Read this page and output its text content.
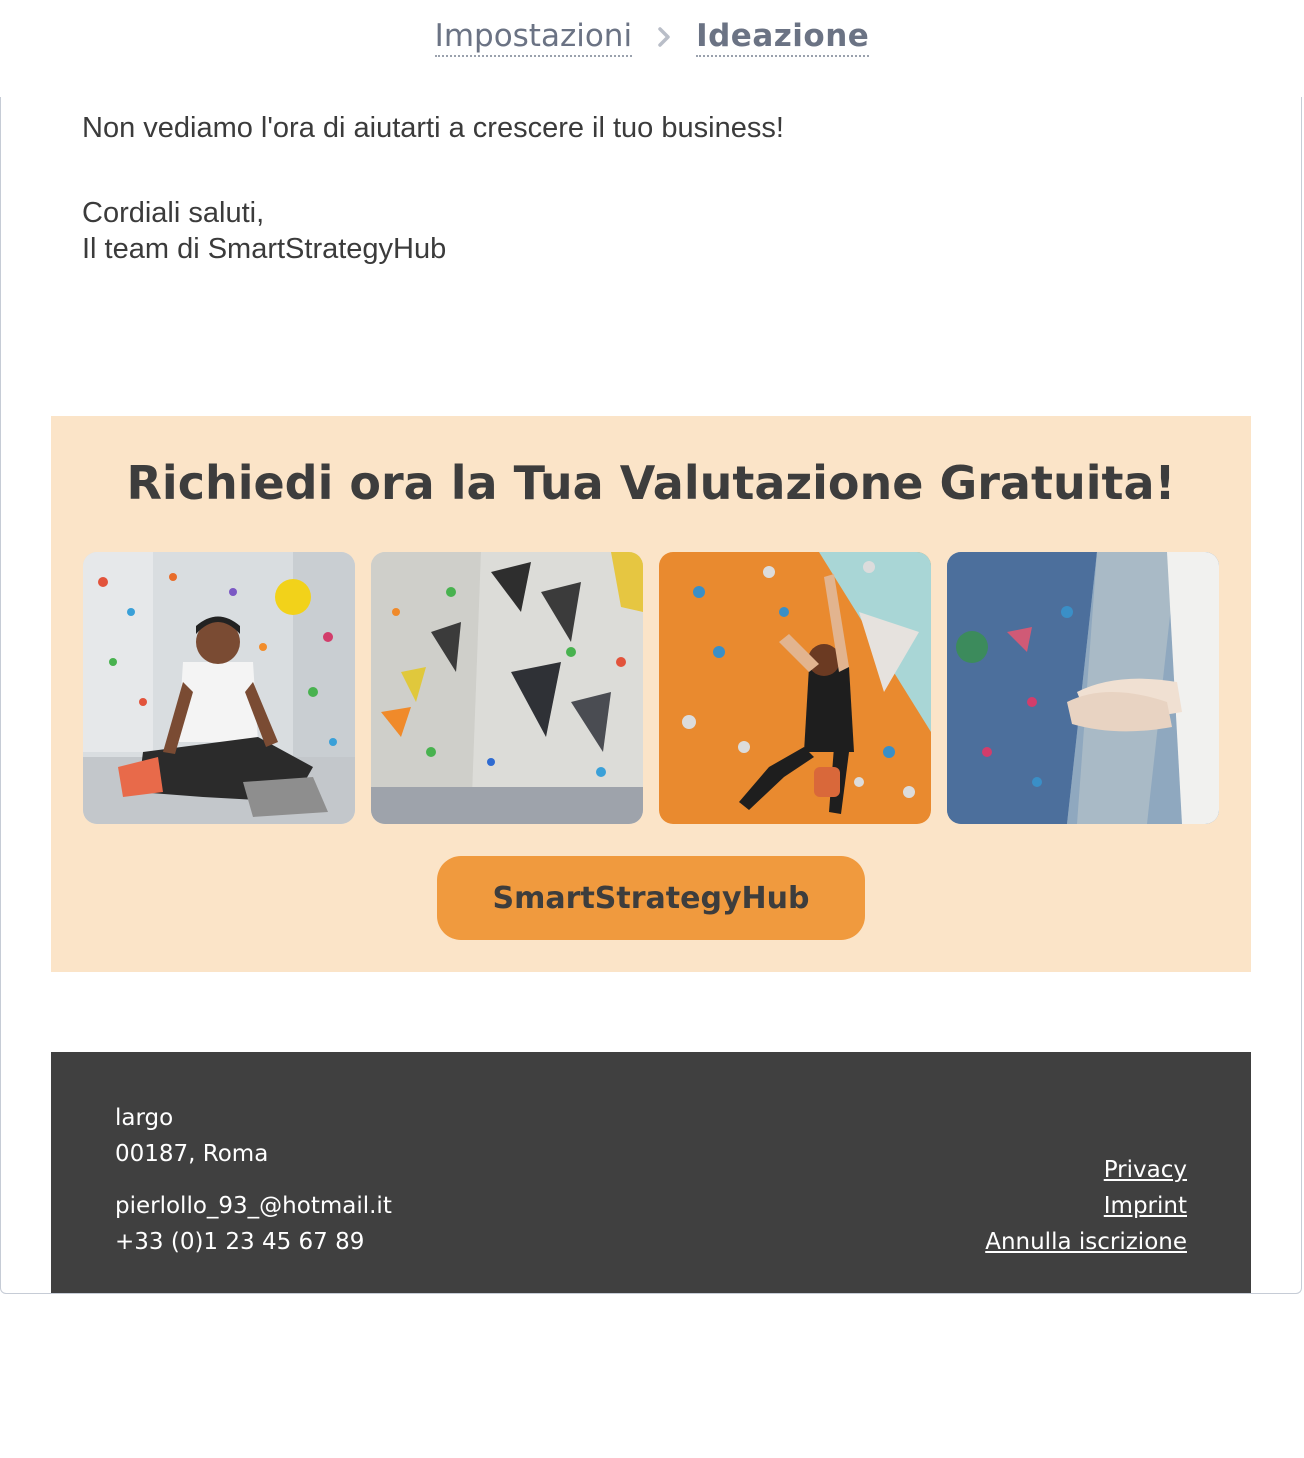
Impostazioni Ideazione

Non vediamo l'ora di aiutarti a crescere il tuo business!

Cordiali saluti,

Il team di SmartStrategyHub

Richiedi ora la Tua Valutazione Gratuita!
SmartStrategyHub

largo

00187, Roma

pierlollo_93_@hotmail.it

+33 (0)1 23 45 67 89

Privacy
Imprint
Annulla iscrizione
